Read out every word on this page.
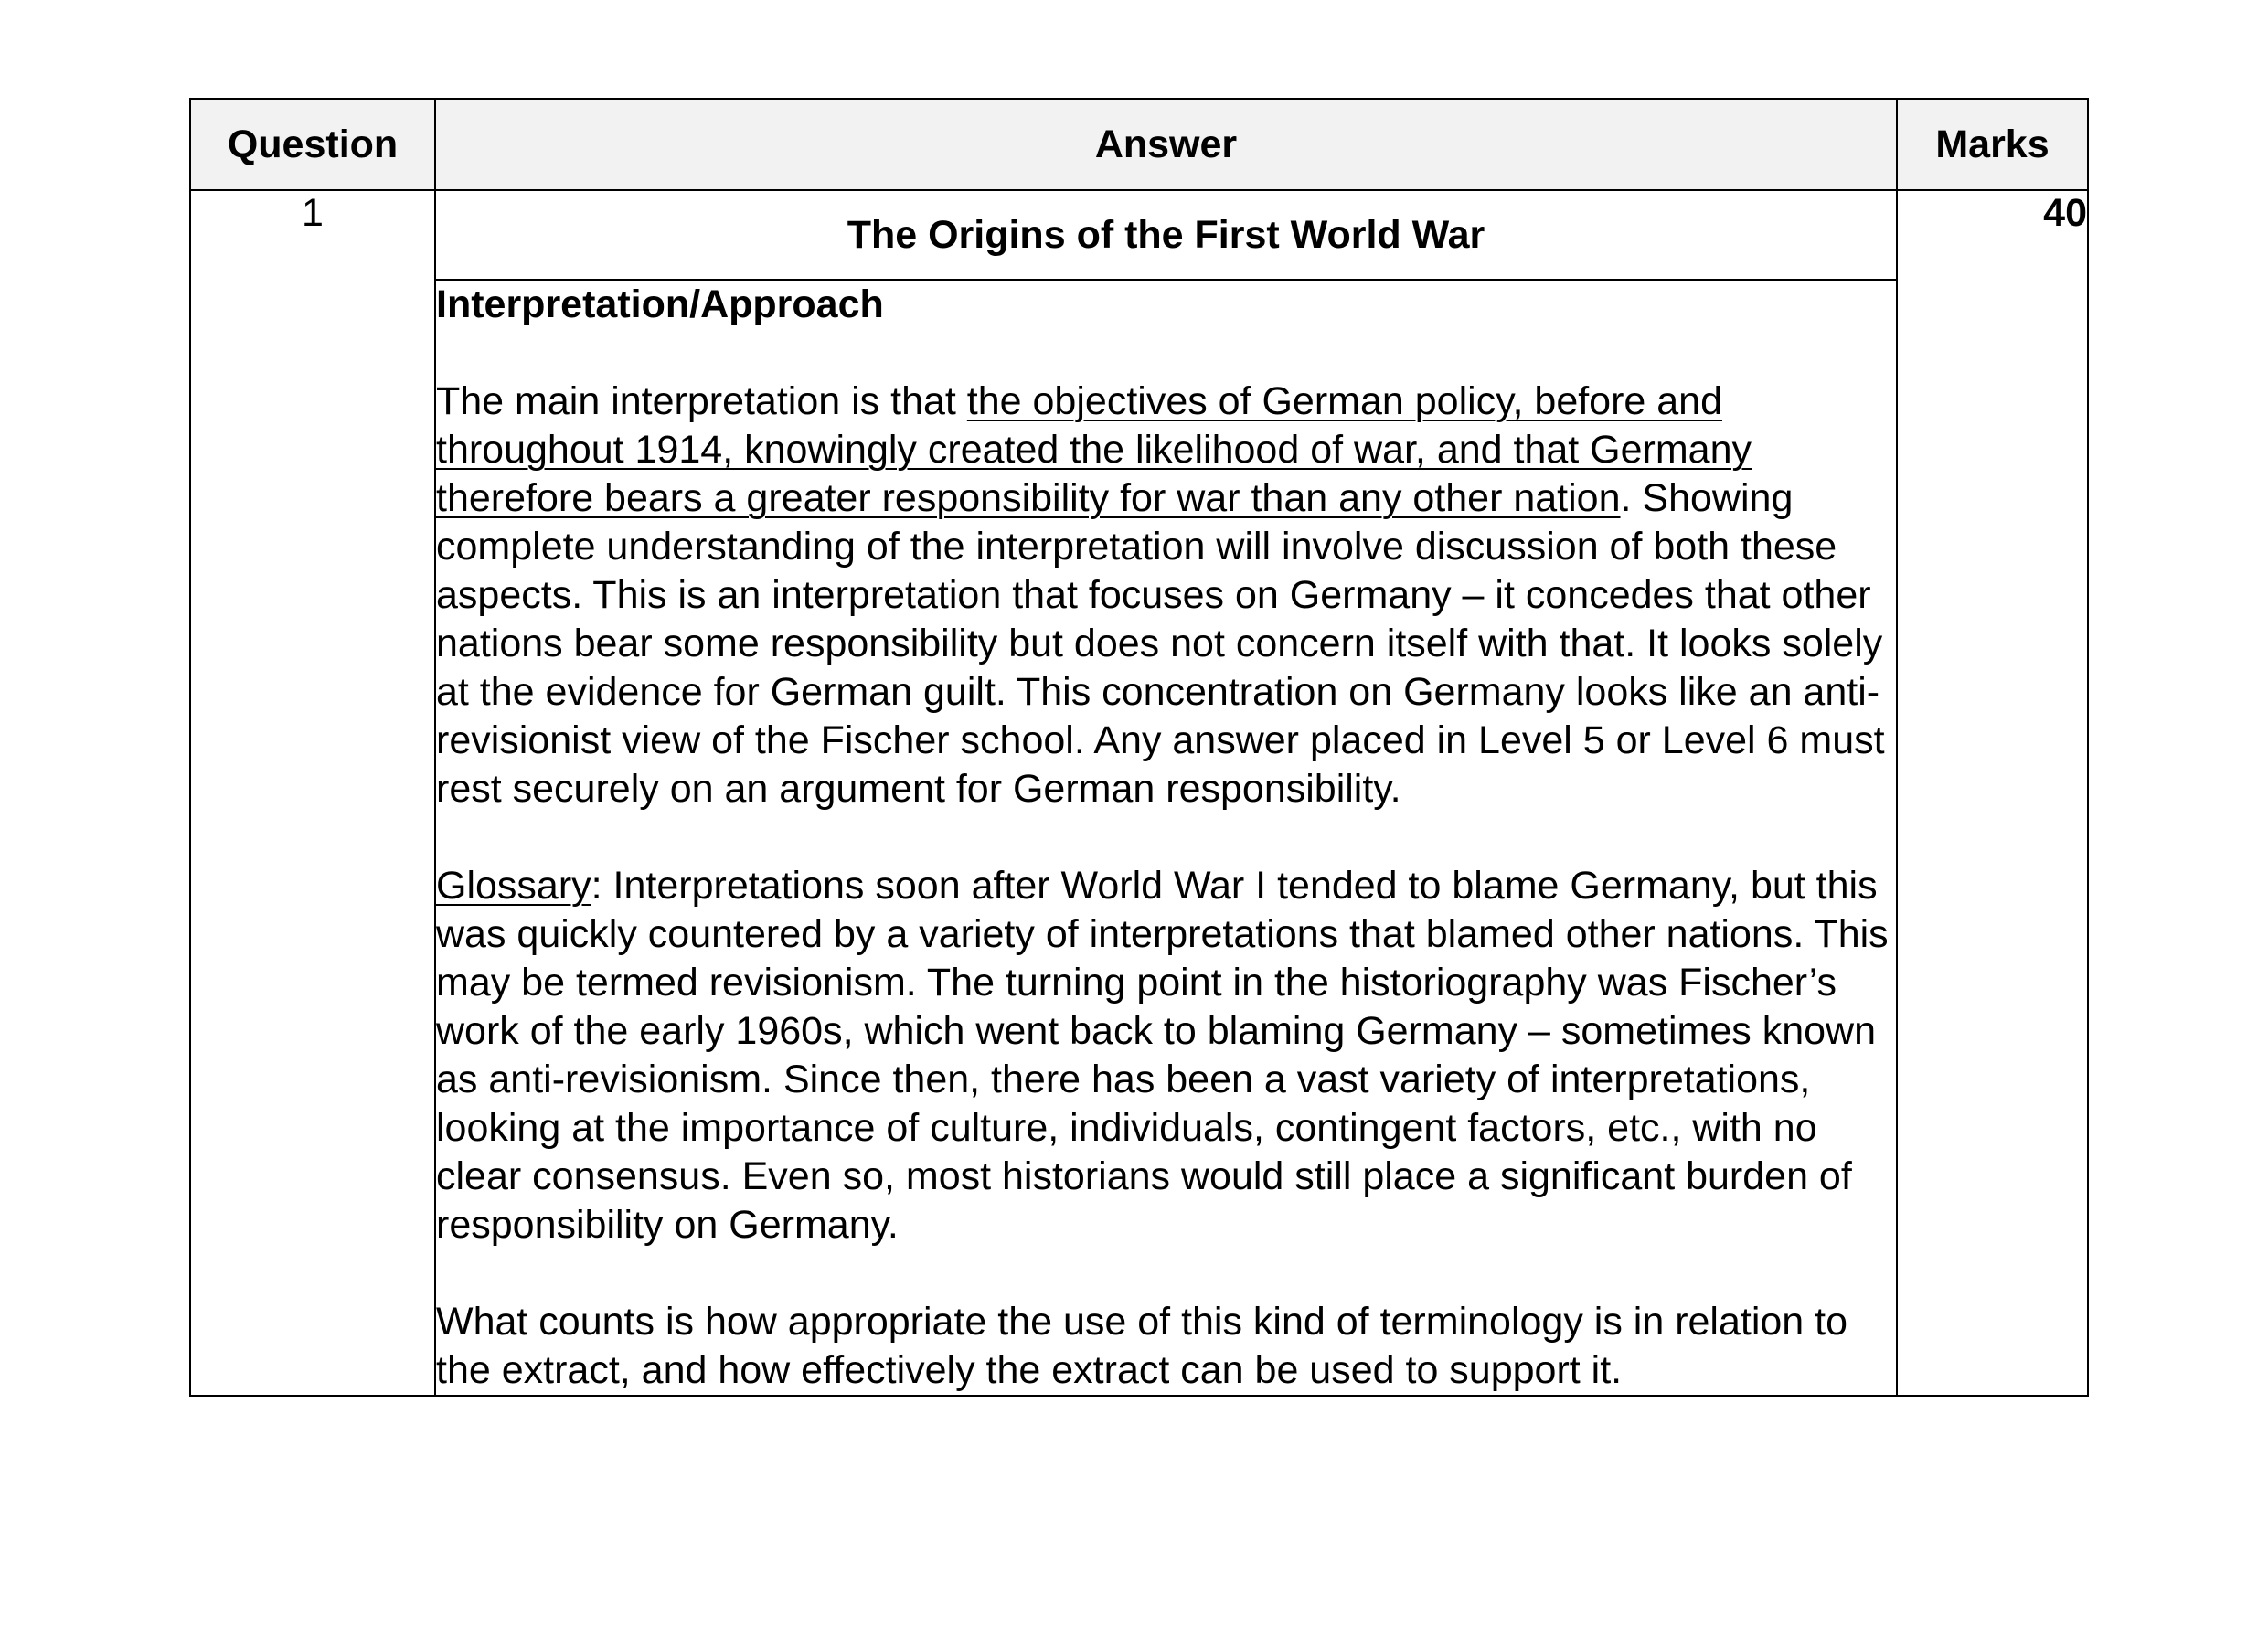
Question	Answer	Marks
1	The Origins of the First World War	40

	Interpretation/Approach

The main interpretation is that the objectives of German policy, before and throughout 1914, knowingly created the likelihood of war, and that Germany therefore bears a greater responsibility for war than any other nation. Showing complete understanding of the interpretation will involve discussion of both these aspects. This is an interpretation that focuses on Germany – it concedes that other nations bear some responsibility but does not concern itself with that. It looks solely at the evidence for German guilt. This concentration on Germany looks like an anti-revisionist view of the Fischer school. Any answer placed in Level 5 or Level 6 must rest securely on an argument for German responsibility.

Glossary: Interpretations soon after World War I tended to blame Germany, but this was quickly countered by a variety of interpretations that blamed other nations. This may be termed revisionism. The turning point in the historiography was Fischer’s work of the early 1960s, which went back to blaming Germany – sometimes known as anti-revisionism. Since then, there has been a vast variety of interpretations, looking at the importance of culture, individuals, contingent factors, etc., with no clear consensus. Even so, most historians would still place a significant burden of responsibility on Germany.

What counts is how appropriate the use of this kind of terminology is in relation to the extract, and how effectively the extract can be used to support it.	
